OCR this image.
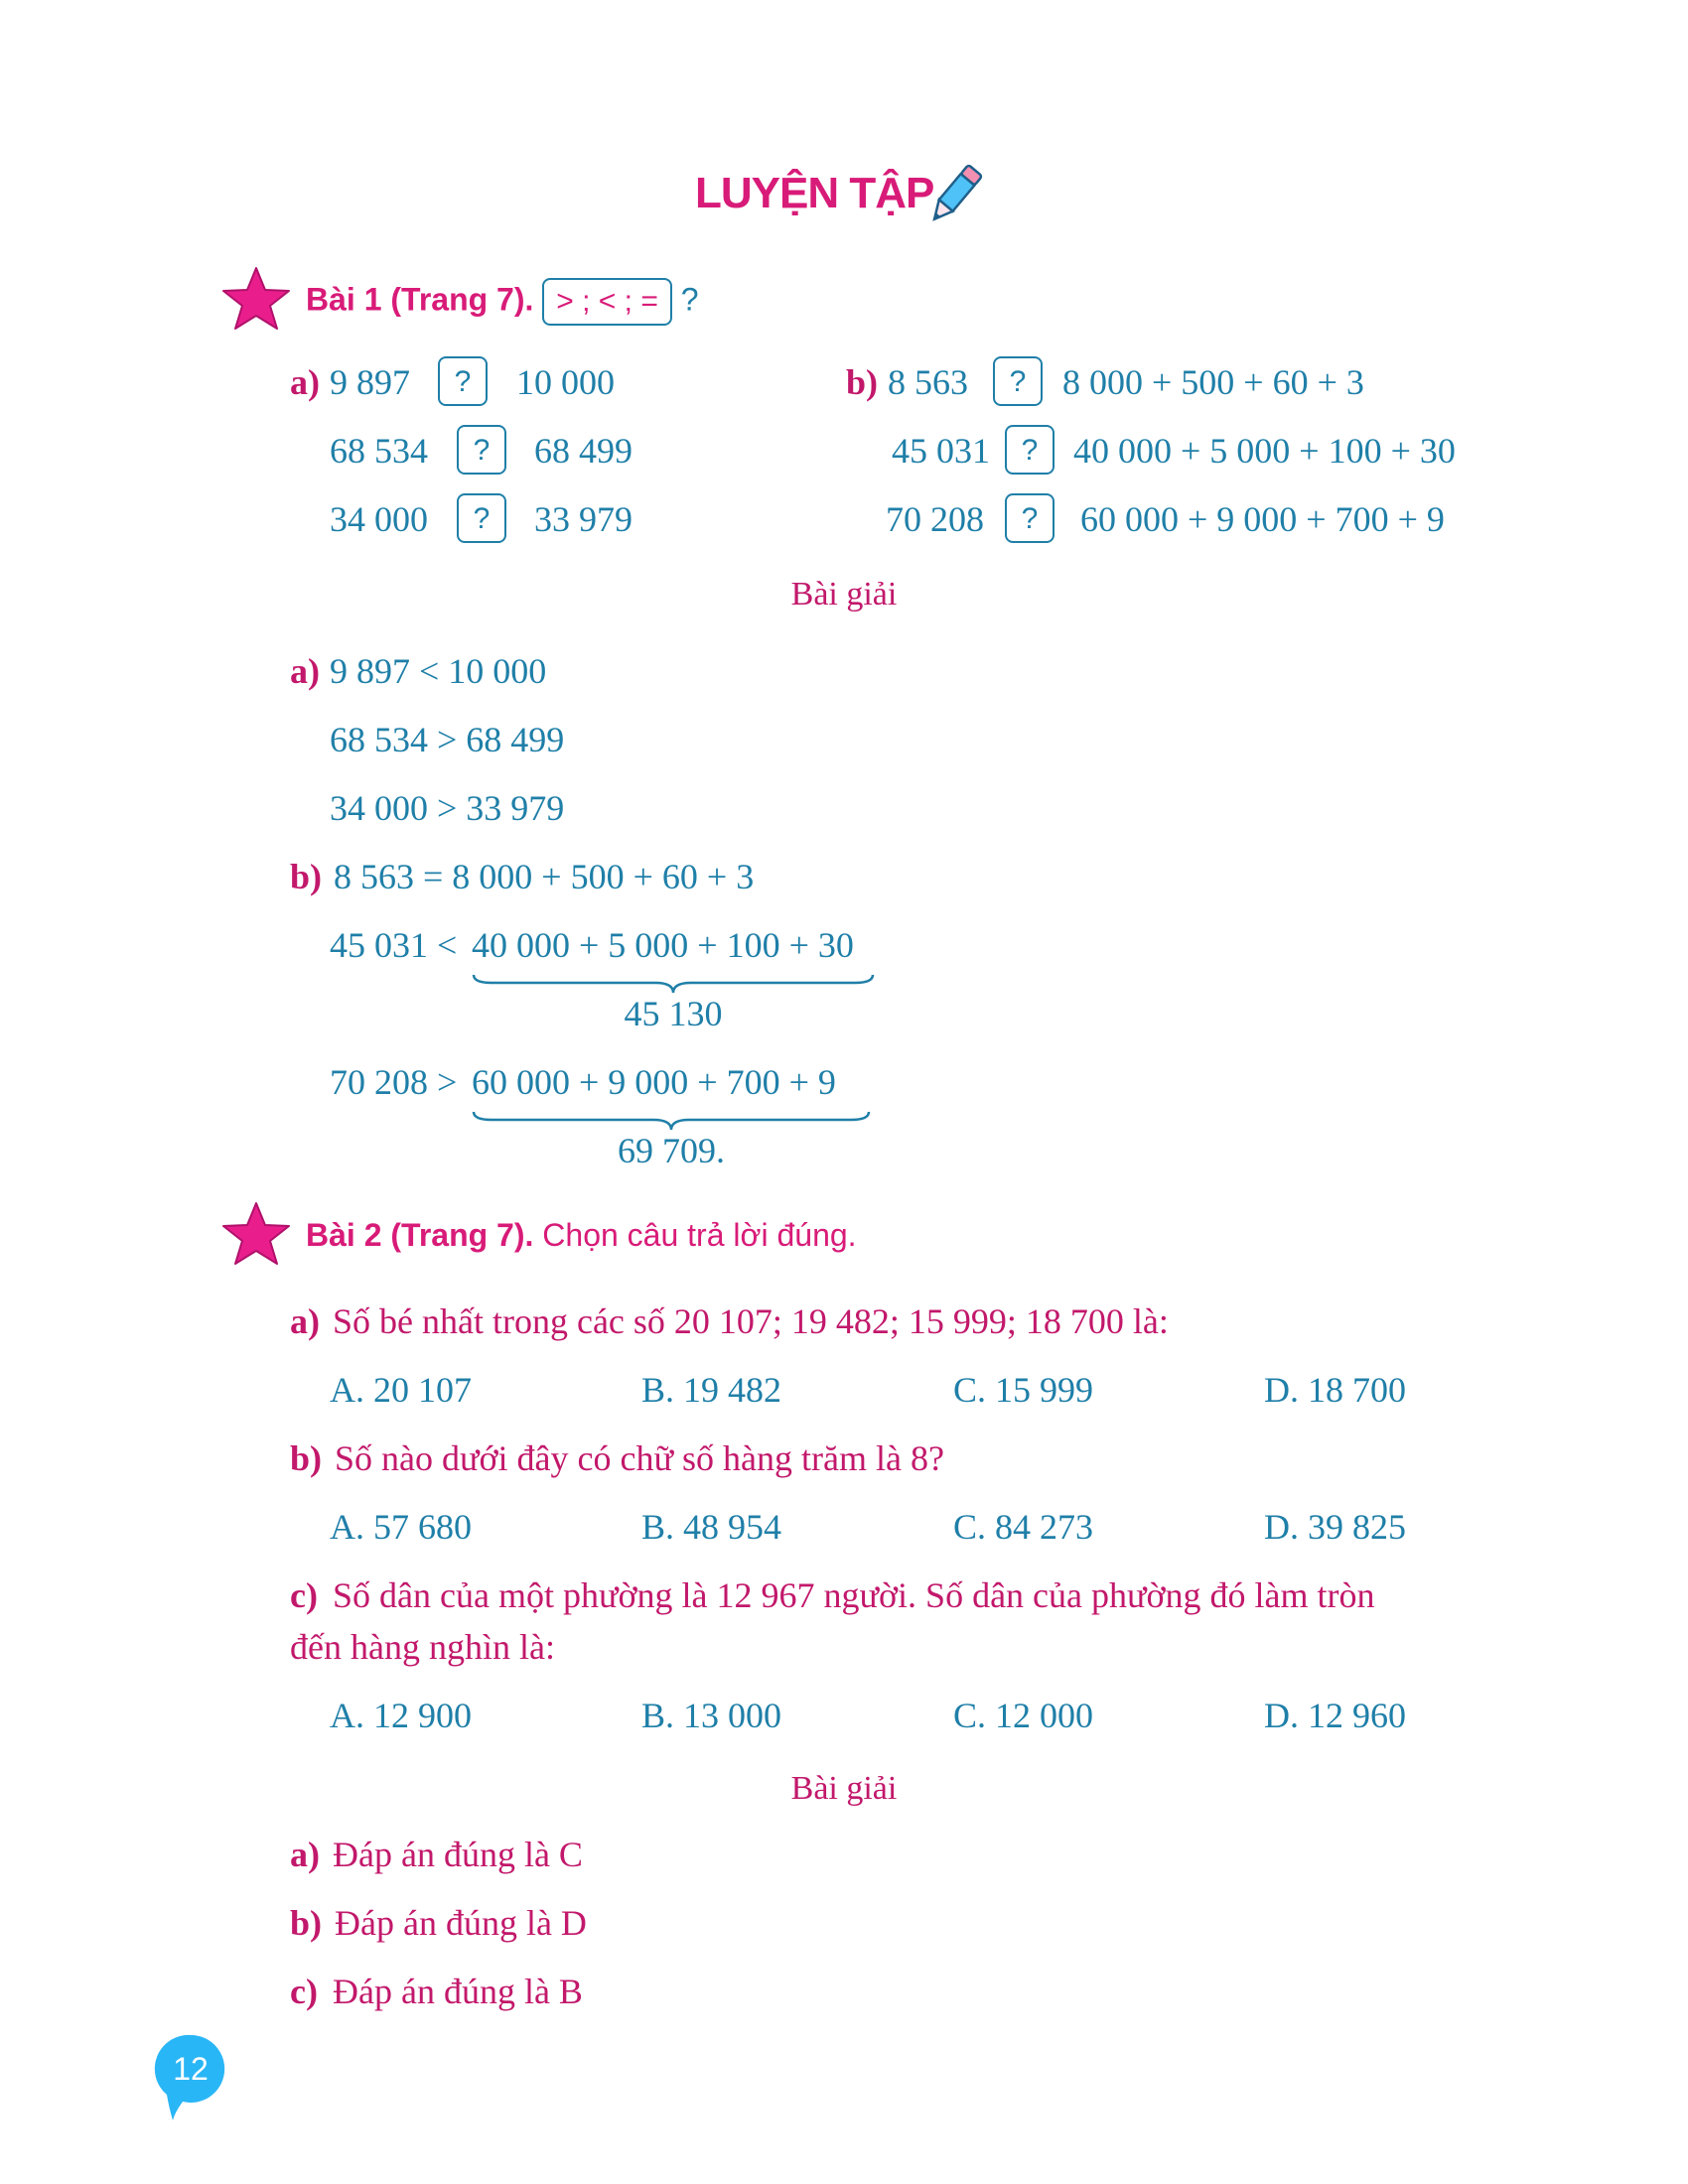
LUYỆN TẬP
Bài 1 (Trang 7). > ; < ; = ?
a) 9 897	?	10 000
68 534	?	68 499
34 000	?	33 979
b) 8 563	?	8 000 + 500 + 60 + 3
45 031	? 40 000 + 5 000 + 100 + 30
70 208	?	60 000 + 9 000 + 700 + 9
Bài giải
a) 9 897 < 10 000
68 534 > 68 499
34 000 > 33 979
b) 8 563 = 8 000 + 500 + 60 + 3
45 031 < 40 000 + 5 000 + 100 + 30
45 130
70 208 > 60 000 + 9 000 + 700 + 9
69 709.
Bài 2 (Trang 7). Chọn câu trả lời đúng.
a) Số bé nhất trong các số 20 107; 19 482; 15 999; 18 700 là:
A. 20 107	B. 19 482	C. 15 999	D. 18 700
b) Số nào dưới đây có chữ số hàng trăm là 8?
A. 57 680	B. 48 954	C. 84 273	D. 39 825
c) Số dân của một phường là 12 967 người. Số dân của phường đó làm tròn
đến hàng nghìn là:
A. 12 900	B. 13 000	C. 12 000	D. 12 960
Bài giải
a) Đáp án đúng là C
b) Đáp án đúng là D
c) Đáp án đúng là B
12
